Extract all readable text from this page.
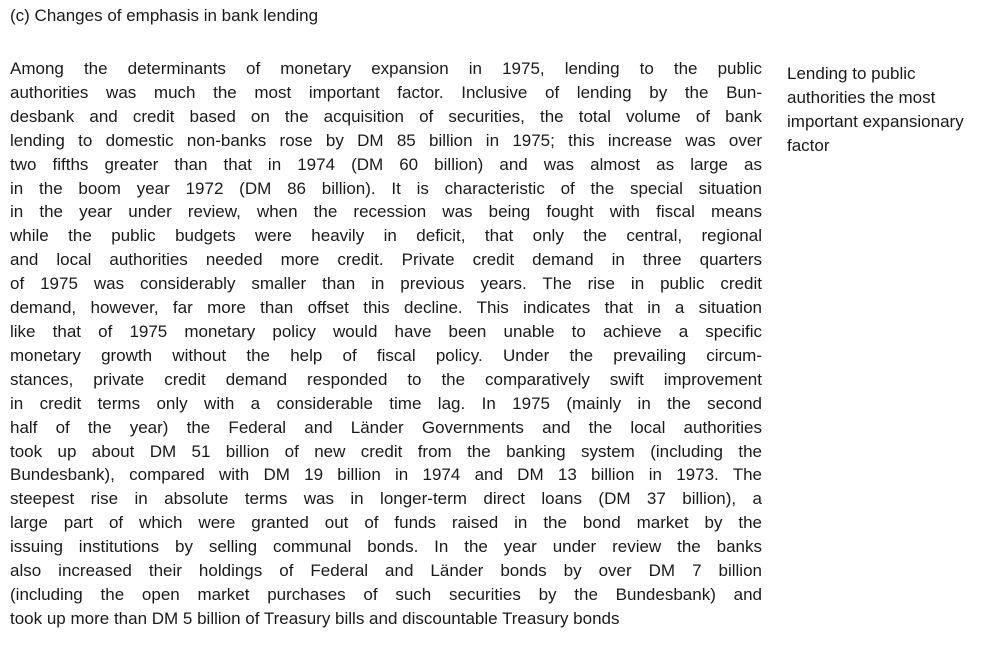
(c) Changes of emphasis in bank lending
Among the determinants of monetary expansion in 1975, lending to the public
authorities was much the most important factor. Inclusive of lending by the Bun-
desbank and credit based on the acquisition of securities, the total volume of bank
lending to domestic non-banks rose by DM 85 billion in 1975; this increase was over
two fifths greater than that in 1974 (DM 60 billion) and was almost as large as
in the boom year 1972 (DM 86 billion). It is characteristic of the special situation
in the year under review, when the recession was being fought with fiscal means
while the public budgets were heavily in deficit, that only the central, regional
and local authorities needed more credit. Private credit demand in three quarters
of 1975 was considerably smaller than in previous years. The rise in public credit
demand, however, far more than offset this decline. This indicates that in a situation
like that of 1975 monetary policy would have been unable to achieve a specific
monetary growth without the help of fiscal policy. Under the prevailing circum-
stances, private credit demand responded to the comparatively swift improvement
in credit terms only with a considerable time lag. In 1975 (mainly in the second
half of the year) the Federal and Länder Governments and the local authorities
took up about DM 51 billion of new credit from the banking system (including the
Bundesbank), compared with DM 19 billion in 1974 and DM 13 billion in 1973. The
steepest rise in absolute terms was in longer-term direct loans (DM 37 billion), a
large part of which were granted out of funds raised in the bond market by the
issuing institutions by selling communal bonds. In the year under review the banks
also increased their holdings of Federal and Länder bonds by over DM 7 billion
(including the open market purchases of such securities by the Bundesbank) and
took up more than DM 5 billion of Treasury bills and discountable Treasury bonds
Lending to public
authorities the most
important expansionary
factor
